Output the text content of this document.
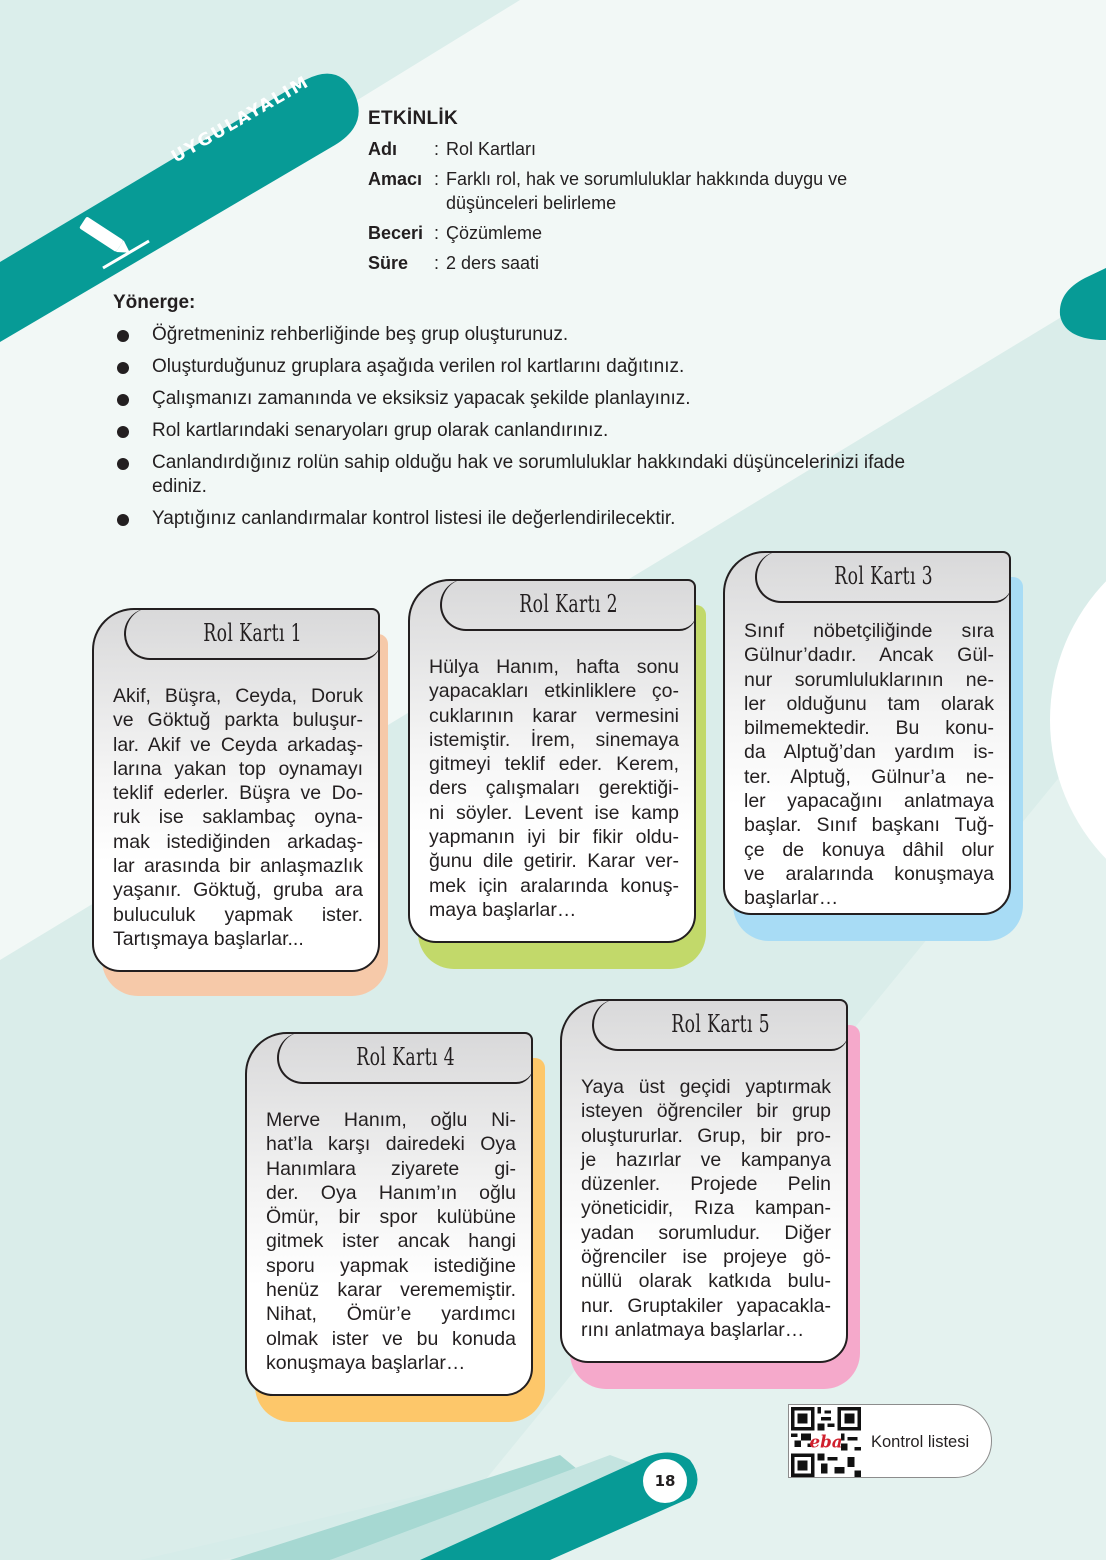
UYGULAYALIM	ETKİNLİK
Adı	: Rol Kartları
Amacı : Farklı rol, hak ve sorumluluklar hakkında duygu ve
düşünceleri belirleme
Beceri : Çözümleme
Süre	: 2 ders saati
Yönerge:
Öğretmeniniz rehberliğinde beş grup oluşturunuz.
Oluşturduğunuz gruplara aşağıda verilen rol kartlarını dağıtınız.
Çalışmanızı zamanında ve eksiksiz yapacak şekilde planlayınız.
Rol kartlarındaki senaryoları grup olarak canlandırınız.
Canlandırdığınız rolün sahip olduğu hak ve sorumluluklar hakkındaki düşüncelerinizi ifade
ediniz.
Yaptığınız canlandırmalar kontrol listesi ile değerlendirilecektir.
Rol Kartı 1
Akif, Büşra, Ceyda, Doruk
ve Göktuğ parkta buluşur-
lar. Akif ve Ceyda arkadaş-
larına yakan top oynamayı
teklif ederler. Büşra ve Do-
ruk ise saklambaç oyna-
mak istediğinden arkadaş-
lar arasında bir anlaşmazlık
yaşanır. Göktuğ, gruba ara
buluculuk yapmak ister.
Tartışmaya başlarlar...
Rol Kartı 2
Hülya Hanım, hafta sonu
yapacakları etkinliklere ço-
cuklarının karar vermesini
istemiştir. İrem, sinemaya
gitmeyi teklif eder. Kerem,
ders çalışmaları gerektiği-
ni söyler. Levent ise kamp
yapmanın iyi bir fikir oldu-
ğunu dile getirir. Karar ver-
mek için aralarında konuş-
maya başlarlar…
Rol Kartı 3
Sınıf nöbetçiliğinde sıra
Gülnur’dadır. Ancak Gül-
nur sorumluluklarının ne-
ler olduğunu tam olarak
bilmemektedir. Bu konu-
da Alptuğ’dan yardım is-
ter. Alptuğ, Gülnur’a ne-
ler yapacağını anlatmaya
başlar. Sınıf başkanı Tuğ-
çe de konuya dâhil olur
ve aralarında konuşmaya
başlarlar…
Rol Kartı 4
Merve Hanım, oğlu Ni-
hat’la karşı dairedeki Oya
Hanımlara ziyarete gi-
der. Oya Hanım’ın oğlu
Ömür, bir spor kulübüne
gitmek ister ancak hangi
sporu yapmak istediğine
henüz karar verememiştir.
Nihat, Ömür’e yardımcı
olmak ister ve bu konuda
konuşmaya başlarlar…
Rol Kartı 5
Yaya üst geçidi yaptırmak
isteyen öğrenciler bir grup
oluştururlar. Grup, bir pro-
je hazırlar ve kampanya
düzenler. Projede Pelin
yöneticidir, Rıza kampan-
yadan sorumludur. Diğer
öğrenciler ise projeye gö-
nüllü olarak katkıda bulu-
nur. Gruptakiler yapacakla-
rını anlatmaya başlarlar…
eba Kontrol listesi
18
